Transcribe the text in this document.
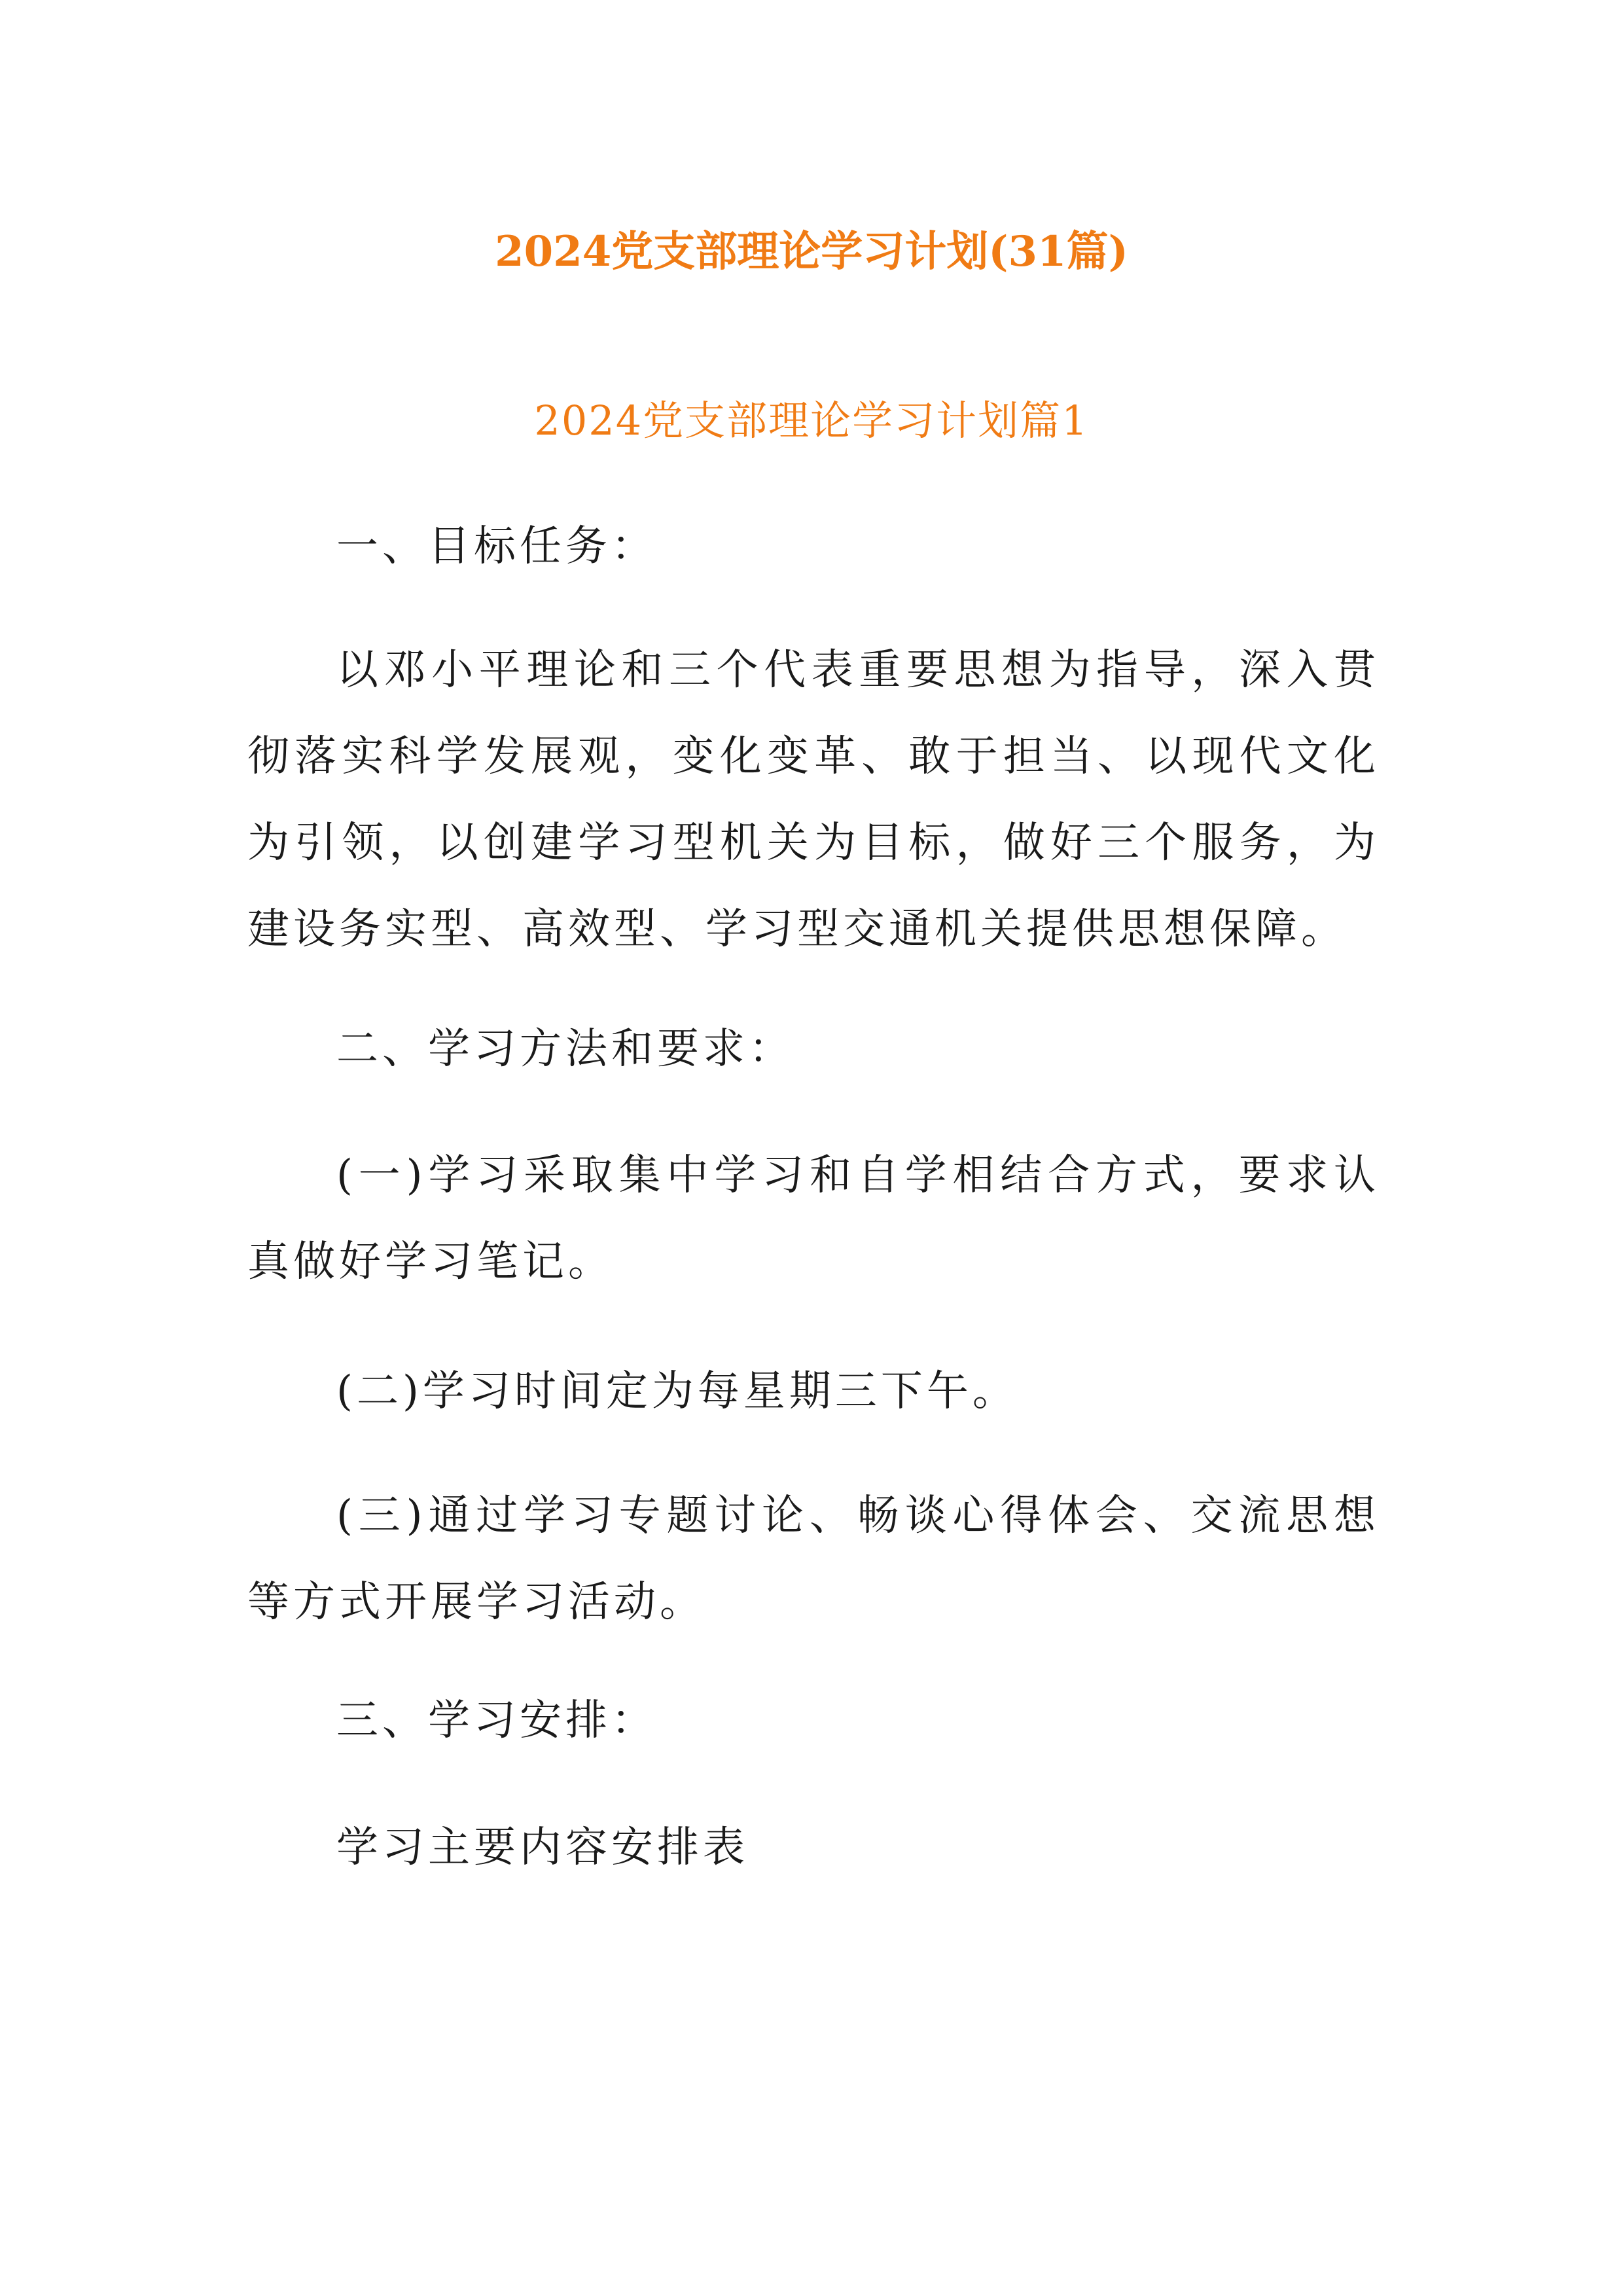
2024党支部理论学习计划(31篇)
2024党支部理论学习计划篇1
一、目标任务：
以邓小平理论和三个代表重要思想为指导，深入贯彻落实科学发展观，变化变革、敢于担当、以现代文化为引领，以创建学习型机关为目标，做好三个服务，为建设务实型、高效型、学习型交通机关提供思想保障。
二、学习方法和要求：
(一)学习采取集中学习和自学相结合方式，要求认真做好学习笔记。
(二)学习时间定为每星期三下午。
(三)通过学习专题讨论、畅谈心得体会、交流思想等方式开展学习活动。
三、学习安排：
学习主要内容安排表
